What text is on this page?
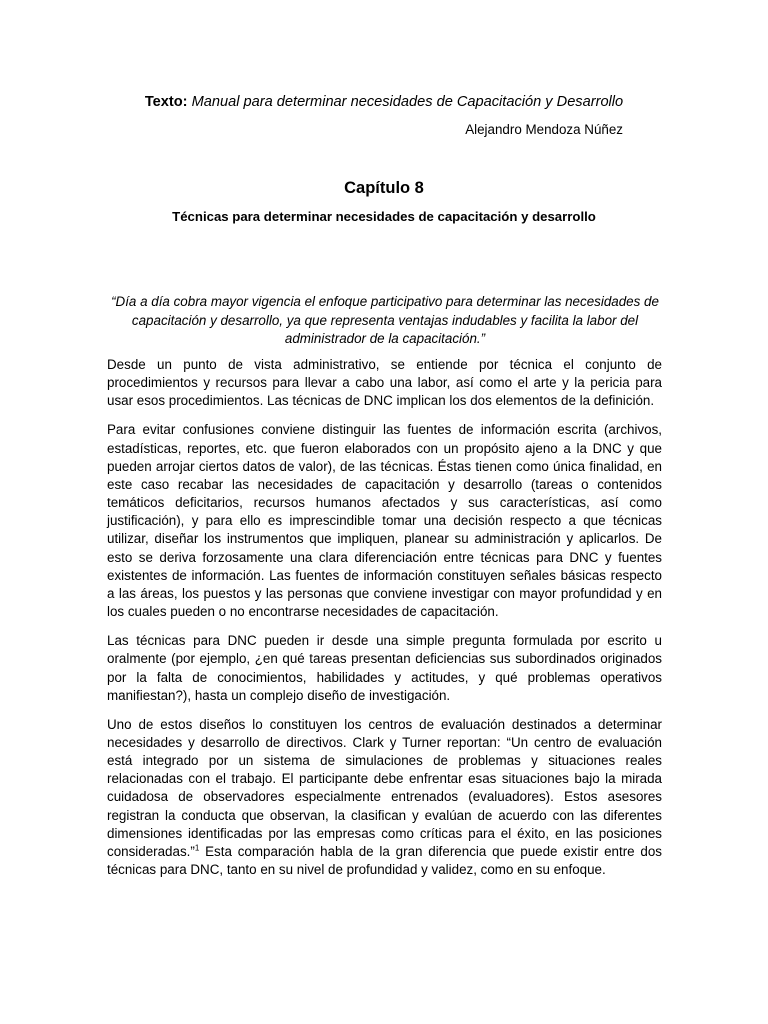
Texto: Manual para determinar necesidades de Capacitación y Desarrollo
Alejandro Mendoza Núñez
Capítulo 8
Técnicas para determinar necesidades de capacitación y desarrollo
“Día a día cobra mayor vigencia el enfoque participativo para determinar las necesidades de capacitación y desarrollo, ya que representa ventajas indudables y facilita la labor del administrador de la capacitación.”

Desde un punto de vista administrativo, se entiende por técnica el conjunto de procedimientos y recursos para llevar a cabo una labor, así como el arte y la pericia para usar esos procedimientos. Las técnicas de DNC implican los dos elementos de la definición.

Para evitar confusiones conviene distinguir las fuentes de información escrita (archivos, estadísticas, reportes, etc. que fueron elaborados con un propósito ajeno a la DNC y que pueden arrojar ciertos datos de valor), de las técnicas. Éstas tienen como única finalidad, en este caso recabar las necesidades de capacitación y desarrollo (tareas o contenidos temáticos deficitarios, recursos humanos afectados y sus características, así como justificación), y para ello es imprescindible tomar una decisión respecto a que técnicas utilizar, diseñar los instrumentos que impliquen, planear su administración y aplicarlos. De esto se deriva forzosamente una clara diferenciación entre técnicas para DNC y fuentes existentes de información. Las fuentes de información constituyen señales básicas respecto a las áreas, los puestos y las personas que conviene investigar con mayor profundidad y en los cuales pueden o no encontrarse necesidades de capacitación.

Las técnicas para DNC pueden ir desde una simple pregunta formulada por escrito u oralmente (por ejemplo, ¿en qué tareas presentan deficiencias sus subordinados originados por la falta de conocimientos, habilidades y actitudes, y qué problemas operativos manifiestan?), hasta un complejo diseño de investigación.

Uno de estos diseños lo constituyen los centros de evaluación destinados a determinar necesidades y desarrollo de directivos. Clark y Turner reportan: “Un centro de evaluación está integrado por un sistema de simulaciones de problemas y situaciones reales relacionadas con el trabajo. El participante debe enfrentar esas situaciones bajo la mirada cuidadosa de observadores especialmente entrenados (evaluadores). Estos asesores registran la conducta que observan, la clasifican y evalúan de acuerdo con las diferentes dimensiones identificadas por las empresas como críticas para el éxito, en las posiciones consideradas.”$^1$ Esta comparación habla de la gran diferencia que puede existir entre dos técnicas para DNC, tanto en su nivel de profundidad y validez, como en su enfoque.
